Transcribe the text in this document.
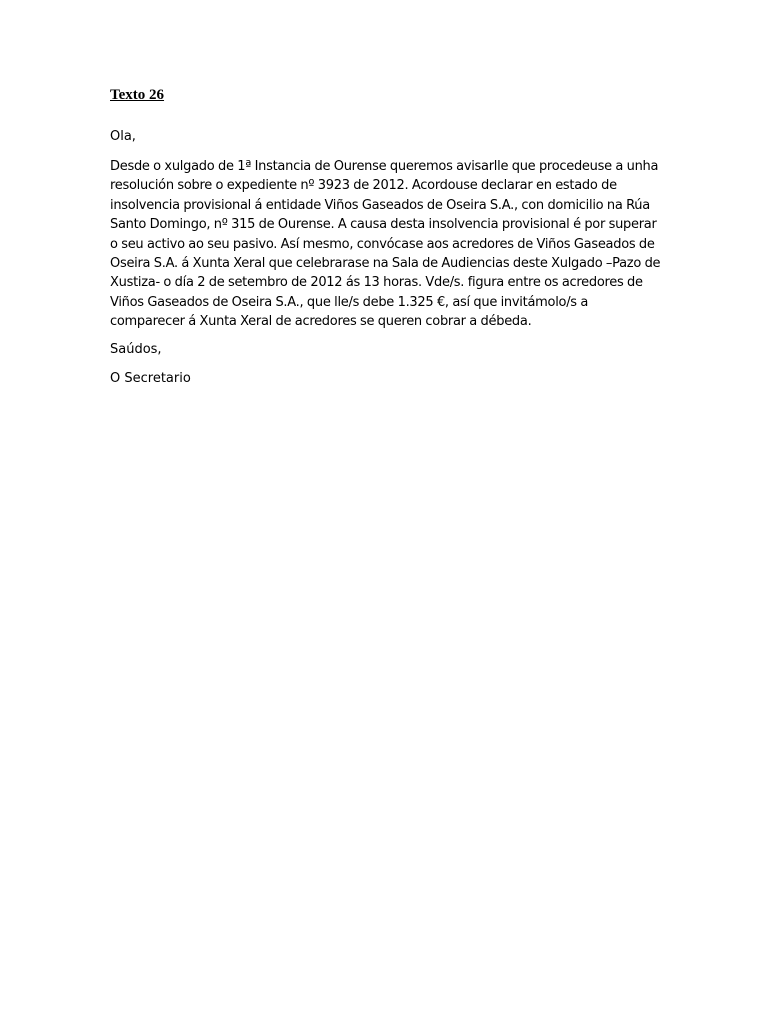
Texto 26

Ola,

Desde o xulgado de 1ª Instancia de Ourense queremos avisarlle que procedeuse a unha
resolución sobre o expediente nº 3923 de 2012. Acordouse declarar en estado de
insolvencia provisional á entidade Viños Gaseados de Oseira S.A., con domicilio na Rúa
Santo Domingo, nº 315 de Ourense. A causa desta insolvencia provisional é por superar
o seu activo ao seu pasivo. Así mesmo, convócase aos acredores de Viños Gaseados de
Oseira S.A. á Xunta Xeral que celebrarase na Sala de Audiencias deste Xulgado –Pazo de
Xustiza- o día 2 de setembro de 2012 ás 13 horas. Vde/s. figura entre os acredores de
Viños Gaseados de Oseira S.A., que lle/s debe 1.325 €, así que invitámolo/s a
comparecer á Xunta Xeral de acredores se queren cobrar a débeda.

Saúdos,

O Secretario
